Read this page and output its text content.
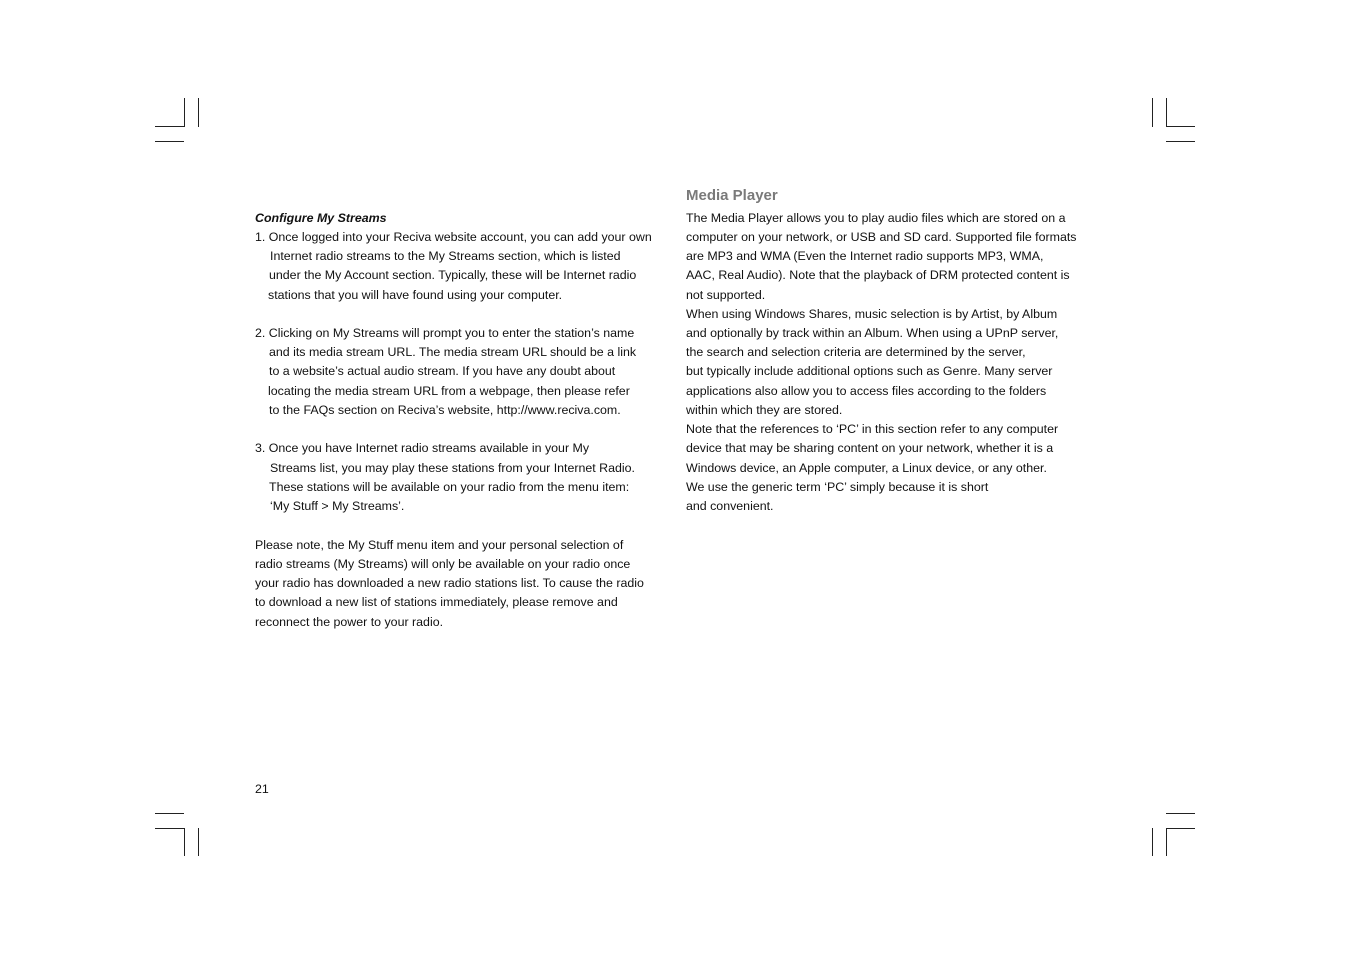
Configure My Streams
1. Once logged into your Reciva website account, you can add your own
Internet radio streams to the My Streams section, which is listed
under the My Account section. Typically, these will be Internet radio
stations that you will have found using your computer.
2. Clicking on My Streams will prompt you to enter the station’s name
and its media stream URL. The media stream URL should be a link
to a website’s actual audio stream. If you have any doubt about
locating the media stream URL from a webpage, then please refer
to the FAQs section on Reciva’s website, http://www.reciva.com.
3. Once you have Internet radio streams available in your My
Streams list, you may play these stations from your Internet Radio.
These stations will be available on your radio from the menu item:
‘My Stuff > My Streams’.
Please note, the My Stuff menu item and your personal selection of
radio streams (My Streams) will only be available on your radio once
your radio has downloaded a new radio stations list. To cause the radio
to download a new list of stations immediately, please remove and
reconnect the power to your radio.
Media Player
The Media Player allows you to play audio files which are stored on a
computer on your network, or USB and SD card. Supported file formats
are MP3 and WMA (Even the Internet radio supports MP3, WMA,
AAC, Real Audio). Note that the playback of DRM protected content is
not supported.
When using Windows Shares, music selection is by Artist, by Album
and optionally by track within an Album. When using a UPnP server,
the search and selection criteria are determined by the server,
but typically include additional options such as Genre. Many server
applications also allow you to access files according to the folders
within which they are stored.
Note that the references to ‘PC’ in this section refer to any computer
device that may be sharing content on your network, whether it is a
Windows device, an Apple computer, a Linux device, or any other.
We use the generic term ‘PC’ simply because it is short
and convenient.
21
